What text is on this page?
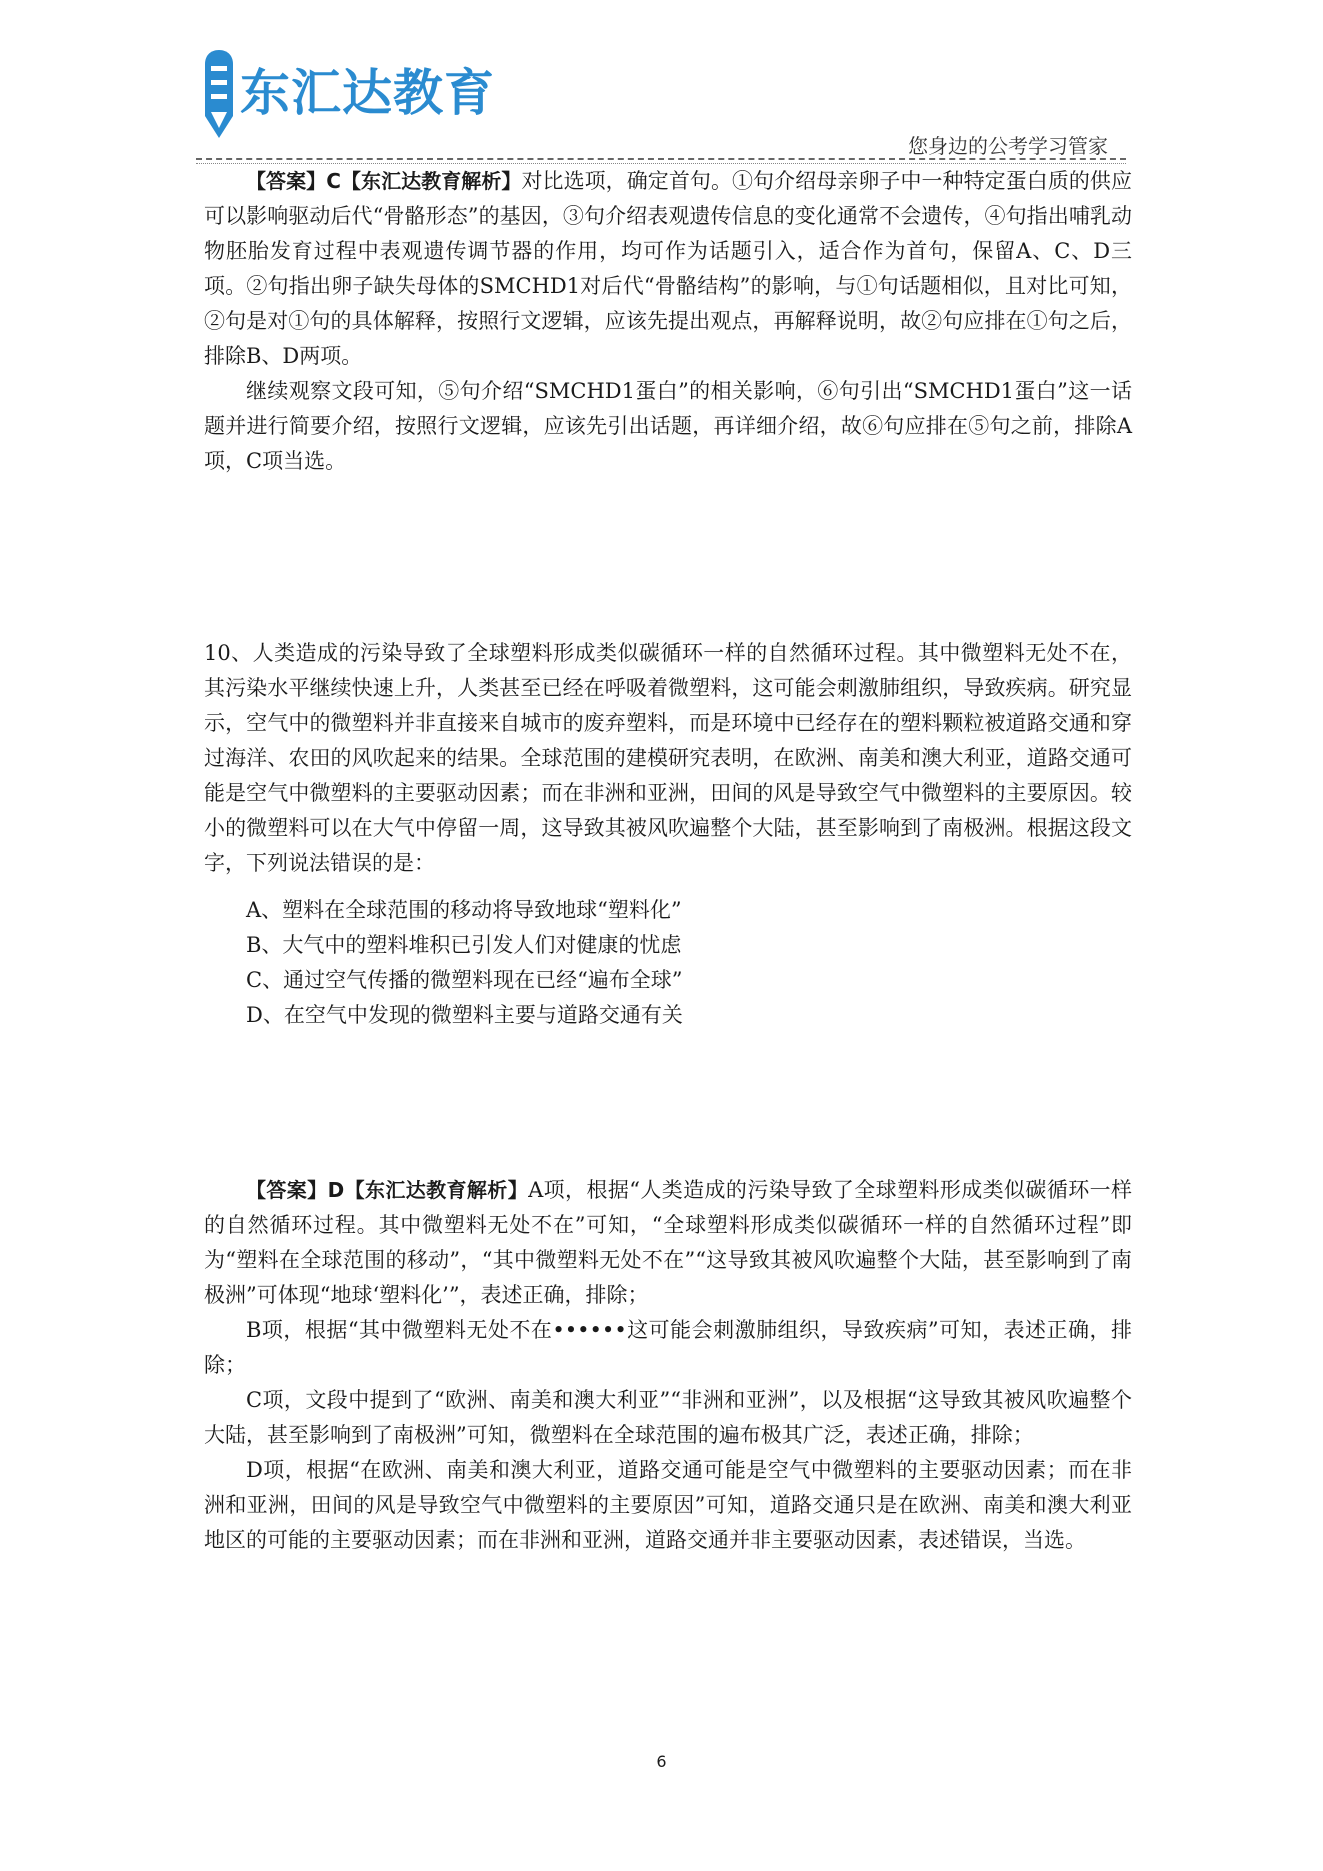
东汇达教育
您身边的公考学习管家

【答案】C【东汇达教育解析】对比选项，确定首句。①句介绍母亲卵子中一种特定蛋白质的供应可以影响驱动后代“骨骼形态”的基因，③句介绍表观遗传信息的变化通常不会遗传，④句指出哺乳动物胚胎发育过程中表观遗传调节器的作用，均可作为话题引入，适合作为首句，保留A、C、D三项。②句指出卵子缺失母体的SMCHD1对后代“骨骼结构”的影响，与①句话题相似，且对比可知，②句是对①句的具体解释，按照行文逻辑，应该先提出观点，再解释说明，故②句应排在①句之后，排除B、D两项。

继续观察文段可知，⑤句介绍“SMCHD1蛋白”的相关影响，⑥句引出“SMCHD1蛋白”这一话题并进行简要介绍，按照行文逻辑，应该先引出话题，再详细介绍，故⑥句应排在⑤句之前，排除A项，C项当选。

10、人类造成的污染导致了全球塑料形成类似碳循环一样的自然循环过程。其中微塑料无处不在，其污染水平继续快速上升，人类甚至已经在呼吸着微塑料，这可能会刺激肺组织，导致疾病。研究显示，空气中的微塑料并非直接来自城市的废弃塑料，而是环境中已经存在的塑料颗粒被道路交通和穿过海洋、农田的风吹起来的结果。全球范围的建模研究表明，在欧洲、南美和澳大利亚，道路交通可能是空气中微塑料的主要驱动因素；而在非洲和亚洲，田间的风是导致空气中微塑料的主要原因。较小的微塑料可以在大气中停留一周，这导致其被风吹遍整个大陆，甚至影响到了南极洲。根据这段文字，下列说法错误的是：

A、塑料在全球范围的移动将导致地球“塑料化”

B、大气中的塑料堆积已引发人们对健康的忧虑

C、通过空气传播的微塑料现在已经“遍布全球”

D、在空气中发现的微塑料主要与道路交通有关

【答案】D【东汇达教育解析】A项，根据“人类造成的污染导致了全球塑料形成类似碳循环一样的自然循环过程。其中微塑料无处不在”可知，“全球塑料形成类似碳循环一样的自然循环过程”即为“塑料在全球范围的移动”，“其中微塑料无处不在”“这导致其被风吹遍整个大陆，甚至影响到了南极洲”可体现“地球‘塑料化’”，表述正确，排除；

B项，根据“其中微塑料无处不在••••••这可能会刺激肺组织，导致疾病”可知，表述正确，排除；

C项，文段中提到了“欧洲、南美和澳大利亚”“非洲和亚洲”，以及根据“这导致其被风吹遍整个大陆，甚至影响到了南极洲”可知，微塑料在全球范围的遍布极其广泛，表述正确，排除；

D项，根据“在欧洲、南美和澳大利亚，道路交通可能是空气中微塑料的主要驱动因素；而在非洲和亚洲，田间的风是导致空气中微塑料的主要原因”可知，道路交通只是在欧洲、南美和澳大利亚地区的可能的主要驱动因素；而在非洲和亚洲，道路交通并非主要驱动因素，表述错误，当选。

6
